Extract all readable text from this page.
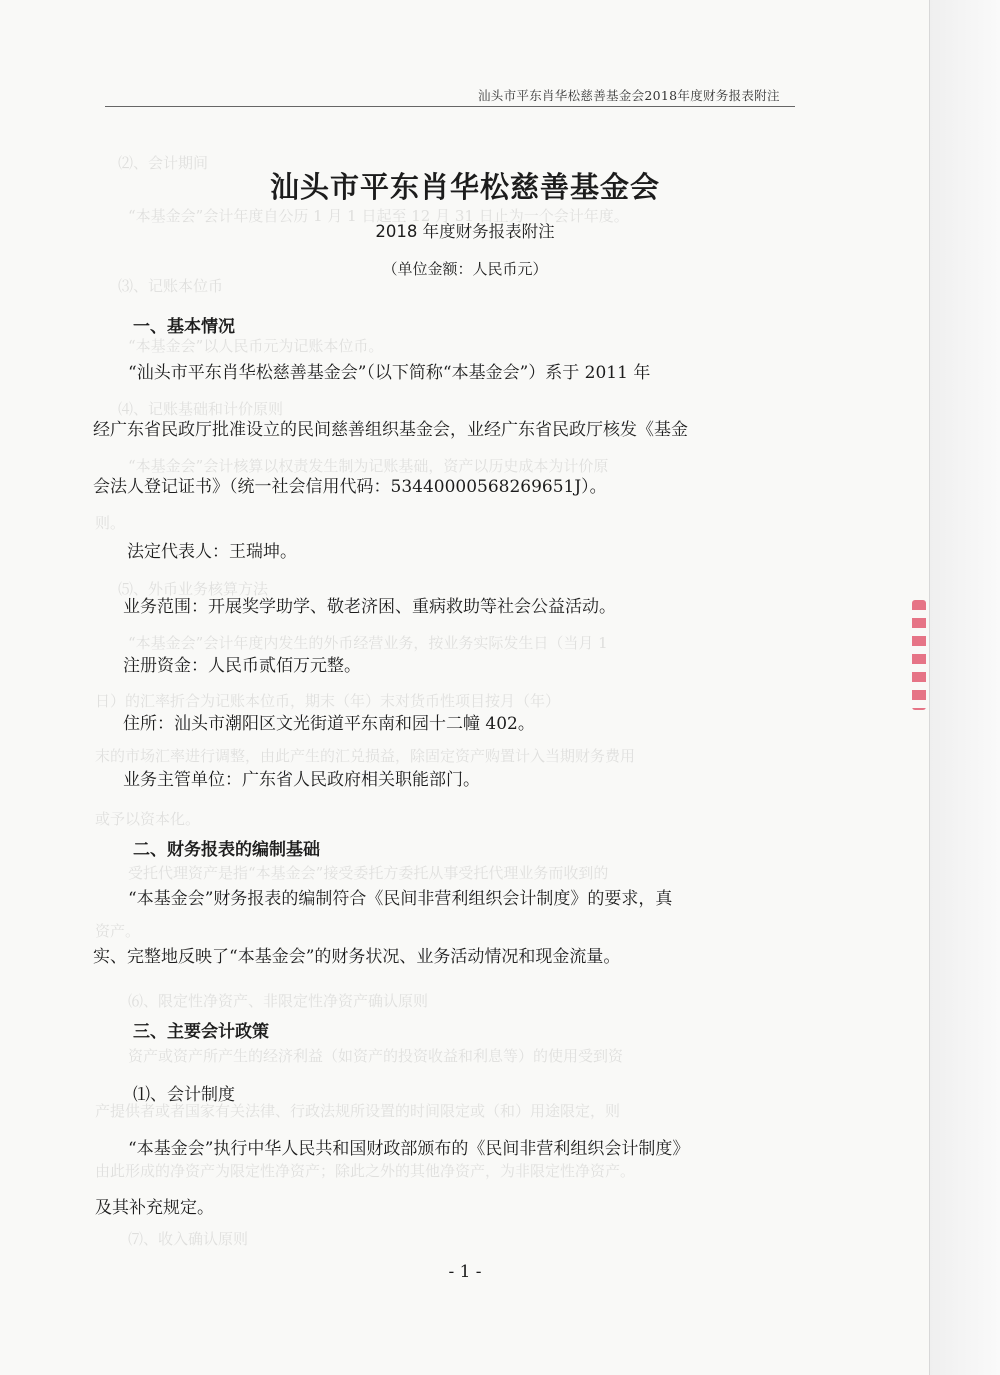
⑵、会计期间
“本基金会”会计年度自公历 1 月 1 日起至 12 月 31 日止为一个会计年度。
⑶、记账本位币
“本基金会”以人民币元为记账本位币。
⑷、记账基础和计价原则
“本基金会”会计核算以权责发生制为记账基础，资产以历史成本为计价原
则。
⑸、外币业务核算方法
“本基金会”会计年度内发生的外币经营业务，按业务实际发生日（当月 1
日）的汇率折合为记账本位币，期末（年）末对货币性项目按月（年）
末的市场汇率进行调整，由此产生的汇兑损益，除固定资产购置计入当期财务费用
或予以资本化。
受托代理资产是指“本基金会”接受委托方委托从事受托代理业务而收到的
资产。
⑹、限定性净资产、非限定性净资产确认原则
资产或资产所产生的经济利益（如资产的投资收益和利息等）的使用受到资
产提供者或者国家有关法律、行政法规所设置的时间限定或（和）用途限定，则
由此形成的净资产为限定性净资产；除此之外的其他净资产，为非限定性净资产。
⑺、收入确认原则
汕头市平东肖华松慈善基金会2018年度财务报表附注
汕头市平东肖华松慈善基金会
2018 年度财务报表附注
（单位金额：人民币元）
一、基本情况
“汕头市平东肖华松慈善基金会”（以下简称“本基金会”）系于 2011 年
经广东省民政厅批准设立的民间慈善组织基金会，业经广东省民政厅核发《基金
会法人登记证书》（统一社会信用代码：53440000568269651J）。
法定代表人：王瑞坤。
业务范围：开展奖学助学、敬老济困、重病救助等社会公益活动。
注册资金：人民币贰佰万元整。
住所：汕头市潮阳区文光街道平东南和园十二幢 402。
业务主管单位：广东省人民政府相关职能部门。
二、财务报表的编制基础
“本基金会”财务报表的编制符合《民间非营利组织会计制度》的要求，真
实、完整地反映了“本基金会”的财务状况、业务活动情况和现金流量。
三、主要会计政策
⑴、会计制度
“本基金会”执行中华人民共和国财政部颁布的《民间非营利组织会计制度》
及其补充规定。
- 1 -
